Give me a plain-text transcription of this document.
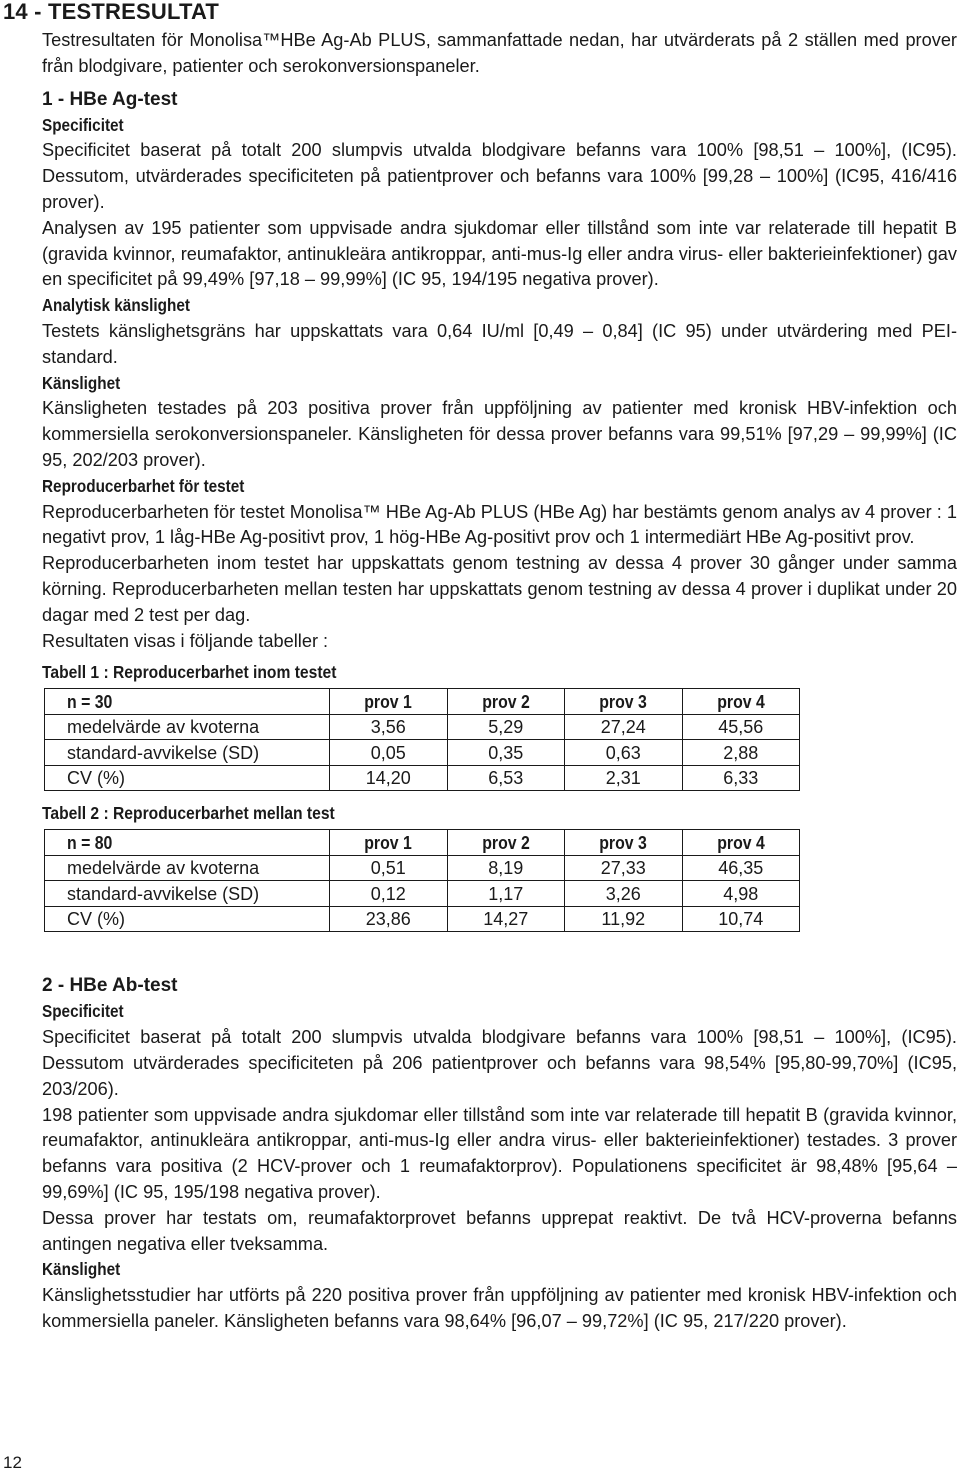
14 - TESTRESULTAT

Testresultaten för Monolisa™HBe Ag-Ab PLUS, sammanfattade nedan, har utvärderats på 2 ställen med prover från blodgivare, patienter och serokonversionspaneler.

1 - HBe Ag-test

Specificitet

Specificitet baserat på totalt 200 slumpvis utvalda blodgivare befanns vara 100% [98,51 – 100%], (IC95). Dessutom, utvärderades specificiteten på patientprover och befanns vara 100% [99,28 – 100%] (IC95, 416/416 prover).

Analysen av 195 patienter som uppvisade andra sjukdomar eller tillstånd som inte var relaterade till hepatit B (gravida kvinnor, reumafaktor, antinukleära antikroppar, anti-mus-Ig eller andra virus- eller bakterieinfektioner) gav en specificitet på 99,49% [97,18 – 99,99%] (IC 95, 194/195 negativa prover).

Analytisk känslighet

Testets känslighetsgräns har uppskattats vara 0,64 IU/ml [0,49 – 0,84] (IC 95) under utvärdering med PEI-standard.

Känslighet

Känsligheten testades på 203 positiva prover från uppföljning av patienter med kronisk HBV-infektion och kommersiella serokonversionspaneler. Känsligheten för dessa prover befanns vara 99,51% [97,29 – 99,99%] (IC 95, 202/203 prover).

Reproducerbarhet för testet

Reproducerbarheten för testet Monolisa™ HBe Ag-Ab PLUS (HBe Ag) har bestämts genom analys av 4 prover : 1 negativt prov, 1 låg-HBe Ag-positivt prov, 1 hög-HBe Ag-positivt prov och 1 intermediärt HBe Ag-positivt prov.

Reproducerbarheten inom testet har uppskattats genom testning av dessa 4 prover 30 gånger under samma körning. Reproducerbarheten mellan testen har uppskattats genom testning av dessa 4 prover i duplikat under 20 dagar med 2 test per dag.

Resultaten visas i följande tabeller :

Tabell 1 : Reproducerbarhet inom testet

n = 30	prov 1	prov 2	prov 3	prov 4
medelvärde av kvoterna	3,56	5,29	27,24	45,56
standard-avvikelse (SD)	0,05	0,35	0,63	2,88
CV (%)	14,20	6,53	2,31	6,33

Tabell 2 : Reproducerbarhet mellan test

n = 80	prov 1	prov 2	prov 3	prov 4
medelvärde av kvoterna	0,51	8,19	27,33	46,35
standard-avvikelse (SD)	0,12	1,17	3,26	4,98
CV (%)	23,86	14,27	11,92	10,74

2 - HBe Ab-test

Specificitet

Specificitet baserat på totalt 200 slumpvis utvalda blodgivare befanns vara 100% [98,51 – 100%], (IC95). Dessutom utvärderades specificiteten på 206 patientprover och befanns vara 98,54% [95,80-99,70%] (IC95, 203/206).

198 patienter som uppvisade andra sjukdomar eller tillstånd som inte var relaterade till hepatit B (gravida kvinnor, reumafaktor, antinukleära antikroppar, anti-mus-Ig eller andra virus- eller bakterieinfektioner) testades. 3 prover befanns vara positiva (2 HCV-prover och 1 reumafaktorprov). Populationens specificitet är 98,48% [95,64 – 99,69%] (IC 95, 195/198 negativa prover).

Dessa prover har testats om, reumafaktorprovet befanns upprepat reaktivt. De två HCV-proverna befanns antingen negativa eller tveksamma.

Känslighet

Känslighetsstudier har utförts på 220 positiva prover från uppföljning av patienter med kronisk HBV-infektion och kommersiella paneler. Känsligheten befanns vara 98,64% [96,07 – 99,72%] (IC 95, 217/220 prover).

12
